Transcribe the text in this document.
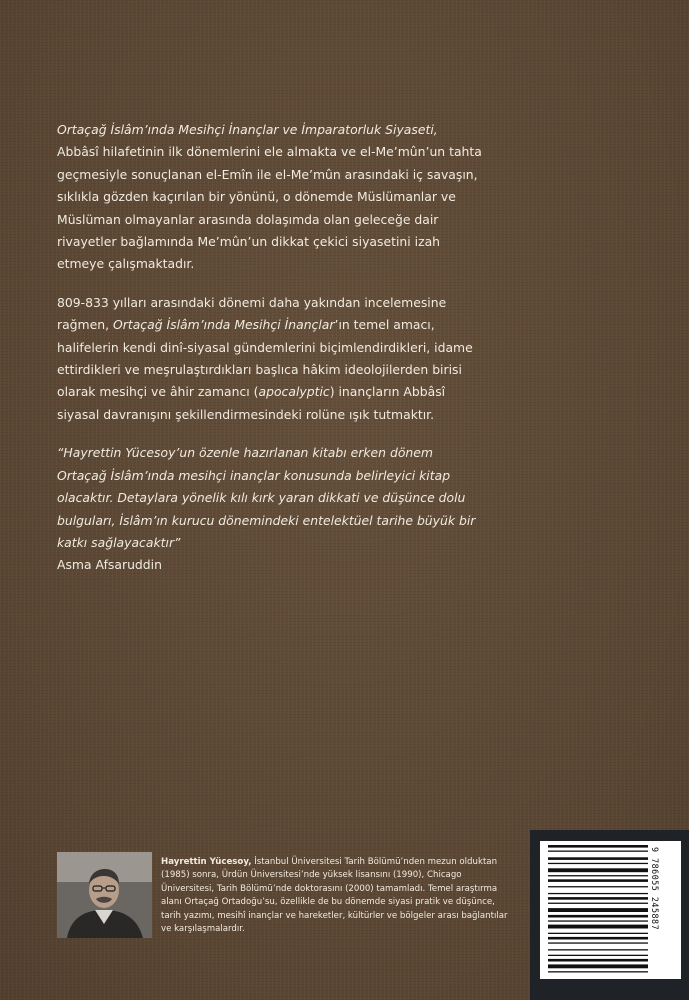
Ortaçağ İslâm’ında Mesihçi İnançlar ve İmparatorluk Siyaseti,
Abbâsî hilafetinin ilk dönemlerini ele almakta ve el-Me’mûn’un tahta geçmesiyle sonuçlanan el-Emîn ile el-Me’mûn arasındaki iç savaşın, sıklıkla gözden kaçırılan bir yönünü, o dönemde Müslümanlar ve Müslüman olmayanlar arasında dolaşımda olan geleceğe dair rivayetler bağlamında Me’mûn’un dikkat çekici siyasetini izah etmeye çalışmaktadır.

809-833 yılları arasındaki dönemi daha yakından incelemesine rağmen, Ortaçağ İslâm’ında Mesihçi İnançlar’ın temel amacı, halifelerin kendi dinî-siyasal gündemlerini biçimlendirdikleri, idame ettirdikleri ve meşrulaştırdıkları başlıca hâkim ideolojilerden birisi olarak mesihçi ve âhir zamancı (apocalyptic) inançların Abbâsî siyasal davranışını şekillendirmesindeki rolüne ışık tutmaktır.

“Hayrettin Yücesoy’un özenle hazırlanan kitabı erken dönem Ortaçağ İslâm’ında mesihçi inançlar konusunda belirleyici kitap olacaktır. Detaylara yönelik kılı kırk yaran dikkati ve düşünce dolu bulguları, İslâm’ın kurucu dönemindeki entelektüel tarihe büyük bir katkı sağlayacaktır”

Asma Afsaruddin

Hayrettin Yücesoy, İstanbul Üniversitesi Tarih Bölümü’nden mezun olduktan (1985) sonra, Ürdün Üniversitesi’nde yüksek lisansını (1990), Chicago Üniversitesi, Tarih Bölümü’nde doktorasını (2000) tamamladı. Temel araştırma alanı Ortaçağ Ortadoğu’su, özellikle de bu dönemde siyasi pratik ve düşünce, tarih yazımı, mesihî inançlar ve hareketler, kültürler ve bölgeler arası bağlantılar ve karşılaşmalardır.	9 786055 245887
